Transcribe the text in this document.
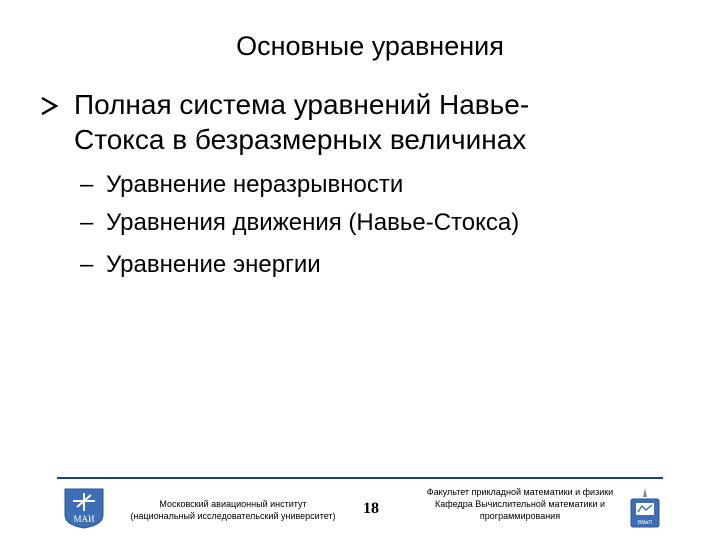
Основные уравнения
Полная система уравнений Навье-
Стокса в безразмерных величинах
– Уравнение неразрывности
– Уравнения движения (Навье-Стокса)
– Уравнение энергии
МАИ
Московский авиационный институт
(национальный исследовательский университет)	18
Факультет прикладной математики и физики
Кафедра Вычислительной математики и
программирования
ВМиП
